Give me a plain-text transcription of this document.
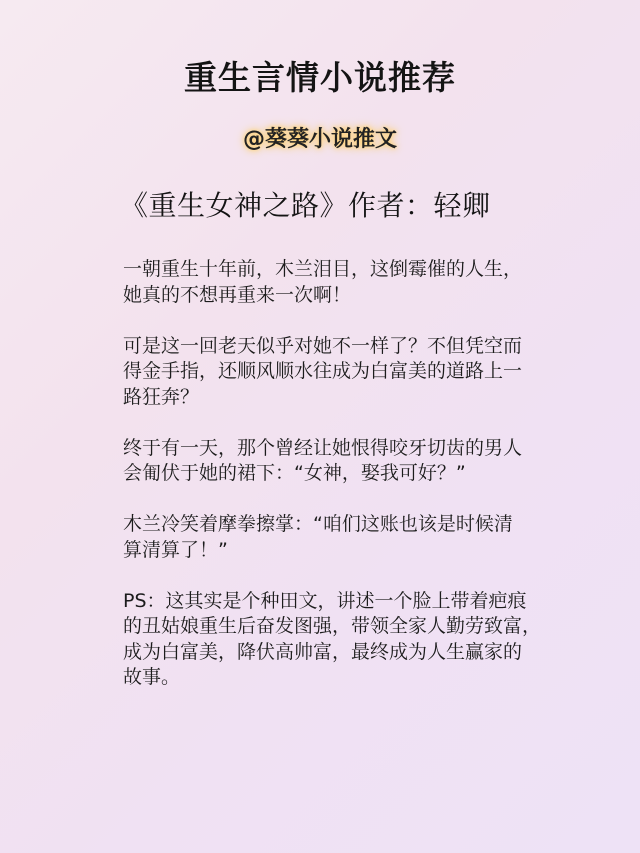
重生言情小说推荐
@葵葵小说推文
《重生女神之路》作者：轻卿

一朝重生十年前，木兰泪目，这倒霉催的人生，
她真的不想再重来一次啊！

可是这一回老天似乎对她不一样了？不但凭空而
得金手指，还顺风顺水往成为白富美的道路上一
路狂奔？

终于有一天，那个曾经让她恨得咬牙切齿的男人
会匍伏于她的裙下：“女神，娶我可好？”

木兰冷笑着摩拳擦掌：“咱们这账也该是时候清
算清算了！”

PS：这其实是个种田文，讲述一个脸上带着疤痕
的丑姑娘重生后奋发图强，带领全家人勤劳致富，
成为白富美，降伏高帅富，最终成为人生赢家的
故事。
